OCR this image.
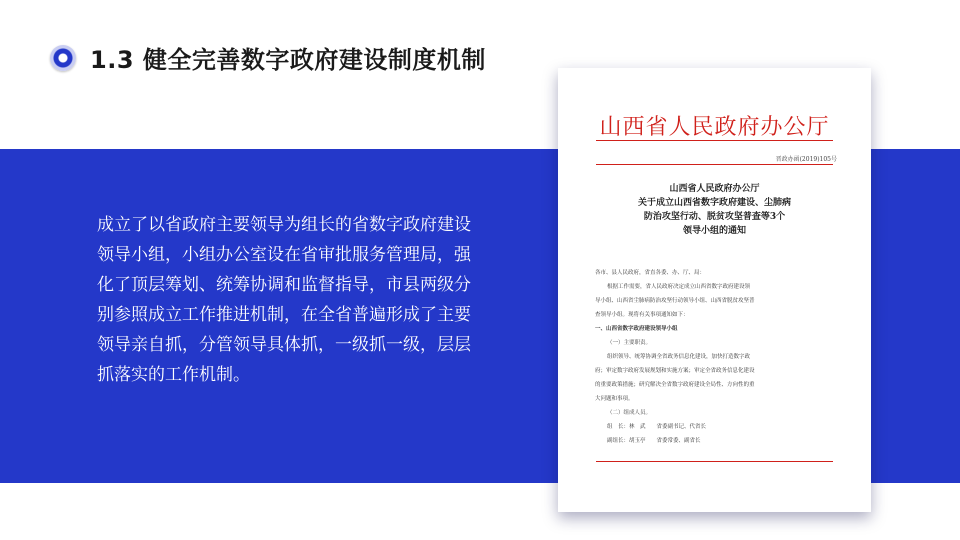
1.3 健全完善数字政府建设制度机制
成立了以省政府主要领导为组长的省数字政府建设领导小组，小组办公室设在省审批服务管理局，强化了顶层筹划、统筹协调和监督指导，市县两级分别参照成立工作推进机制，在全省普遍形成了主要领导亲自抓，分管领导具体抓，一级抓一级，层层抓落实的工作机制。
山西省人民政府办公厅
晋政办函(2019)105号
山西省人民政府办公厅
关于成立山西省数字政府建设、尘肺病
防治攻坚行动、脱贫攻坚普查等3个
领导小组的通知
各市、县人民政府，省直各委、办、厅、局：
根据工作需要，省人民政府决定成立山西省数字政府建设领
导小组、山西省尘肺病防治攻坚行动领导小组、山西省脱贫攻坚普
查领导小组。现将有关事项通知如下：
一、山西省数字政府建设领导小组
（一）主要职责。
组织领导、统筹协调全省政务信息化建设，加快打造数字政
府；审定数字政府发展规划和实施方案；审定全省政务信息化建设
的重要政策措施；研究解决全省数字政府建设全局性、方向性的重
大问题和事项。
（二）组成人员。
组　长：林　武　　省委副书记、代省长
副组长：胡玉亭　　省委常委、副省长
